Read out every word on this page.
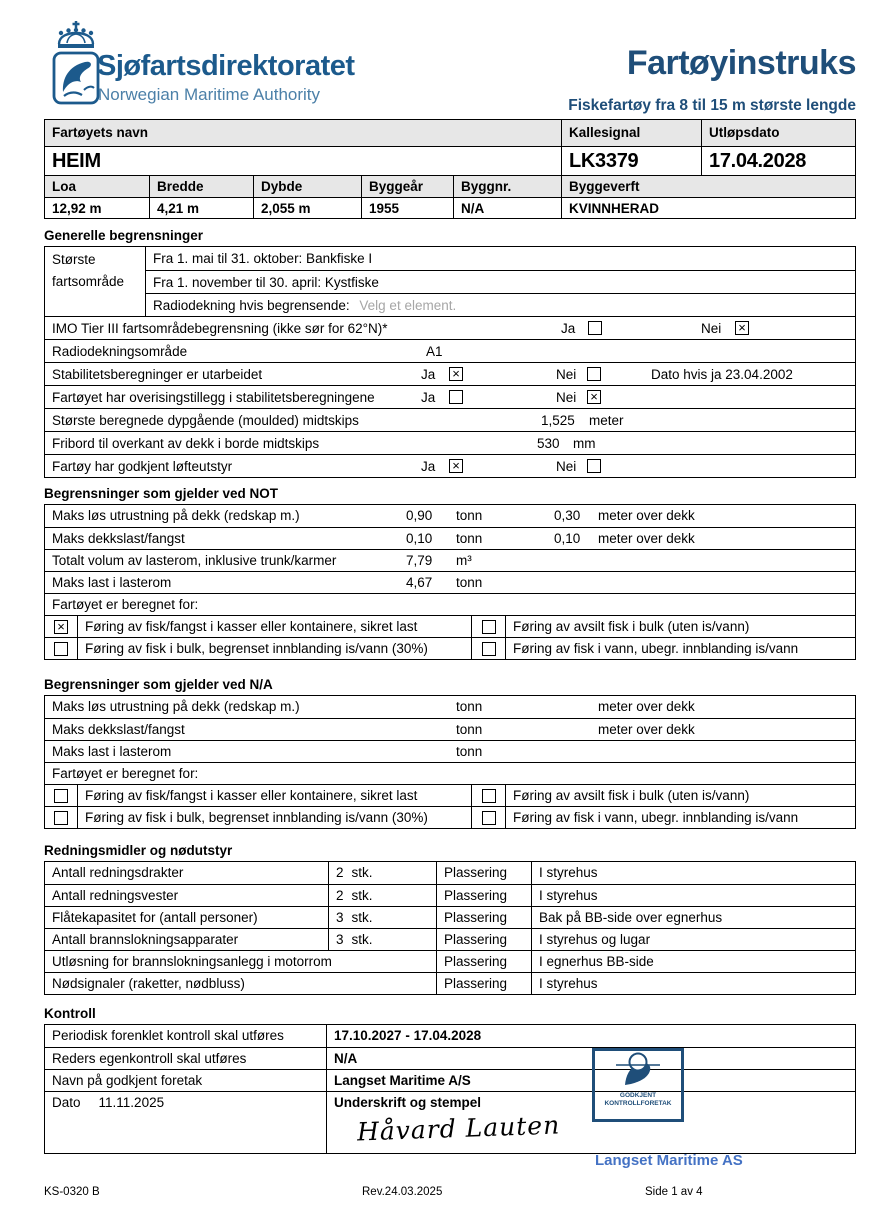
Sjøfartsdirektoratet
Norwegian Maritime Authority
Fartøyinstruks
Fiskefartøy fra 8 til 15 m største lengde
Fartøyets navn	Kallesignal	Utløpsdato
HEIM	LK3379	17.04.2028
Loa	Bredde	Dybde	Byggeår	Byggnr.	Byggeverft
12,92 m	4,21 m	2,055 m	1955	N/A	KVINNHERAD
Generelle begrensninger
Største fartsområde
Fra 1. mai til 31. oktober: Bankfiske I
Fra 1. november til 30. april: Kystfiske
Radiodekning hvis begrensende: Velg et element.
IMO Tier III fartsområdebegrensning (ikke sør for 62°N)*	Ja	Nei ×
Radiodekningsområde	A1
Stabilitetsberegninger er utarbeidet	Ja ×	Nei	Dato hvis ja 23.04.2002
Fartøyet har overisingstillegg i stabilitetsberegningene	Ja	Nei ×
Største beregnede dypgående (moulded) midtskips	1,525 meter
Fribord til overkant av dekk i borde midtskips	530 mm
Fartøy har godkjent løfteutstyr	Ja ×	Nei
Begrensninger som gjelder ved NOT
Maks løs utrustning på dekk (redskap m.)	0,90 tonn	0,30 meter over dekk
Maks dekkslast/fangst	0,10 tonn	0,10 meter over dekk
Totalt volum av lasterom, inklusive trunk/karmer	7,79 m³
Maks last i lasterom	4,67 tonn
Fartøyet er beregnet for:
× Føring av fisk/fangst i kasser eller kontainere, sikret last	Føring av avsilt fisk i bulk (uten is/vann)
Føring av fisk i bulk, begrenset innblanding is/vann (30%)	Føring av fisk i vann, ubegr. innblanding is/vann
Begrensninger som gjelder ved N/A
Maks løs utrustning på dekk (redskap m.)	tonn	meter over dekk
Maks dekkslast/fangst	tonn	meter over dekk
Maks last i lasterom	tonn
Fartøyet er beregnet for:
Føring av fisk/fangst i kasser eller kontainere, sikret last	Føring av avsilt fisk i bulk (uten is/vann)
Føring av fisk i bulk, begrenset innblanding is/vann (30%)	Føring av fisk i vann, ubegr. innblanding is/vann
Redningsmidler og nødutstyr
Antall redningsdrakter	2 stk.	Plassering I styrehus
Antall redningsvester	2 stk.	Plassering I styrehus
Flåtekapasitet for (antall personer)	3 stk.	Plassering Bak på BB-side over egnerhus
Antall brannslokningsapparater	3 stk.	Plassering I styrehus og lugar
Utløsning for brannslokningsanlegg i motorrom	Plassering I egnerhus BB-side
Nødsignaler (raketter, nødbluss)	Plassering I styrehus
Kontroll
Periodisk forenklet kontroll skal utføres	17.10.2027 - 17.04.2028
Reders egenkontroll skal utføres	N/A
Navn på godkjent foretak	Langset Maritime A/S
Dato 11.11.2025	Underskrift og stempel
Håvard Lauten
GODKJENT
KONTROLLFORETAK
Langset Maritime AS
KS-0320 B	Rev.24.03.2025	Side 1 av 4
